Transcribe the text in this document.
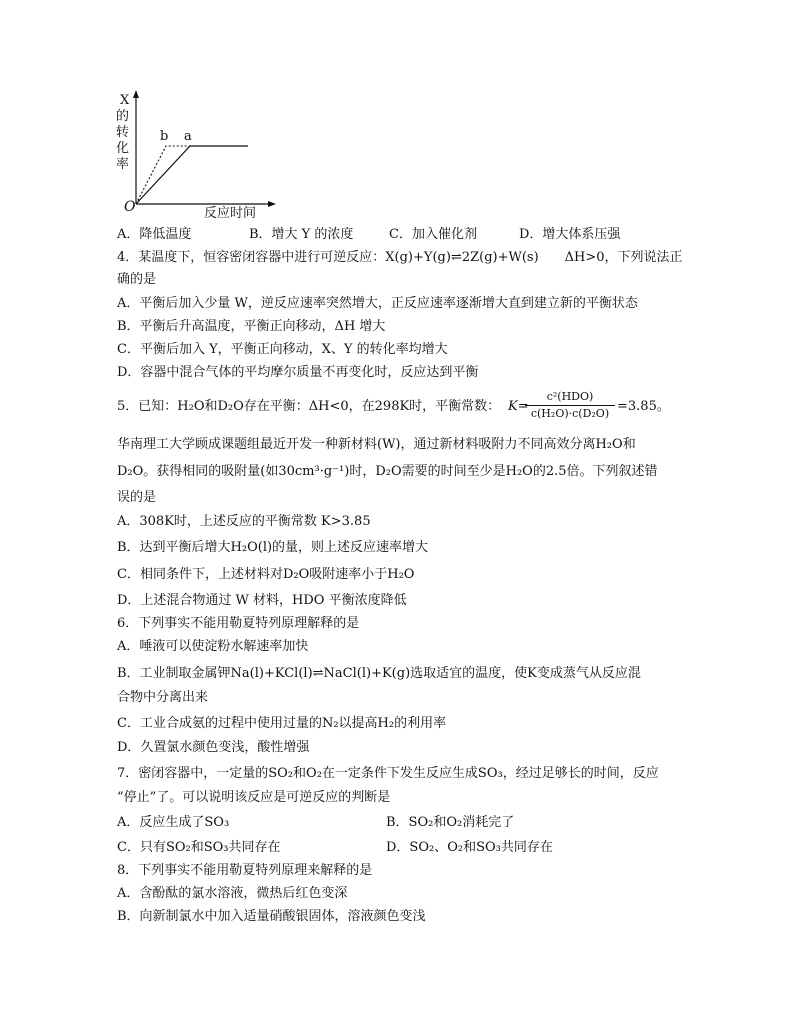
X
的
转
化
率
b a
O	反应时间
A．降低温度	B．增大 Y 的浓度	C．加入催化剂	D．增大体系压强
4．某温度下，恒容密闭容器中进行可逆反应：X(g)+Y(g)⇌2Z(g)+W(s)　　ΔH>0，下列说法正
确的是
A．平衡后加入少量 W，逆反应速率突然增大，正反应速率逐渐增大直到建立新的平衡状态
B．平衡后升高温度，平衡正向移动，ΔH 增大
C．平衡后加入 Y，平衡正向移动，X、Y 的转化率均增大
D．容器中混合气体的平均摩尔质量不再变化时，反应达到平衡
5．已知：H₂O和D₂O存在平衡：ΔH<0，在298K时，平衡常数： K=
c²(HDO)
c(H₂O)·c(D₂O) =3.85。
华南理工大学顾成课题组最近开发一种新材料(W)，通过新材料吸附力不同高效分离H₂O和
D₂O。获得相同的吸附量(如30cm³·g⁻¹)时，D₂O需要的时间至少是H₂O的2.5倍。下列叙述错
误的是
A．308K时，上述反应的平衡常数 K>3.85
B．达到平衡后增大H₂O(l)的量，则上述反应速率增大
C．相同条件下，上述材料对D₂O吸附速率小于H₂O
D．上述混合物通过 W 材料，HDO 平衡浓度降低
6．下列事实不能用勒夏特列原理解释的是
A．唾液可以使淀粉水解速率加快
B．工业制取金属钾Na(l)+KCl(l)⇌NaCl(l)+K(g)选取适宜的温度，使K变成蒸气从反应混
合物中分离出来
C．工业合成氨的过程中使用过量的N₂以提高H₂的利用率
D．久置氯水颜色变浅，酸性增强
7．密闭容器中，一定量的SO₂和O₂在一定条件下发生反应生成SO₃，经过足够长的时间，反应
“停止”了。可以说明该反应是可逆反应的判断是
A．反应生成了SO₃	B．SO₂和O₂消耗完了
C．只有SO₂和SO₃共同存在	D．SO₂、O₂和SO₃共同存在
8．下列事实不能用勒夏特列原理来解释的是
A．含酚酞的氯水溶液，微热后红色变深
B．向新制氯水中加入适量硝酸银固体，溶液颜色变浅
